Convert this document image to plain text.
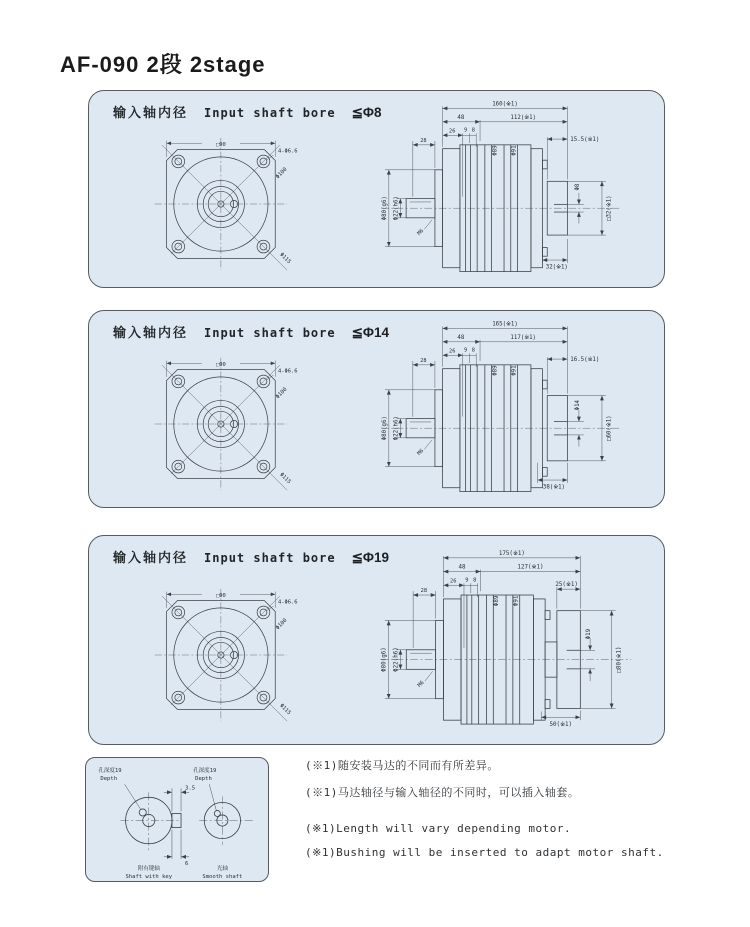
AF-090 2段 2stage
输入轴内径 Input shaft bore ≦Φ8
□90
4-Φ6.6
Φ100
Φ115
160(※1)
48	112(※1)
26 9 8
28	15.5(※1)
Φ89 Φ91
Φ80(g6) Φ22(h6)
M6
Φ8
□32(※1)
32(※1)
输入轴内径 Input shaft bore ≦Φ14
□90
4-Φ6.6
Φ100
Φ115
165(※1)
48	117(※1)
26 9 8
28	16.5(※1)
Φ89 Φ91
Φ80(g6) Φ22(h6)
M6
Φ14
□60(※1)
38(※1)
输入轴内径 Input shaft bore ≦Φ19
□90
4-Φ6.6
Φ100
Φ115
175(※1)
48	127(※1)
26 9 8
28
25(※1)
Φ89 Φ91
Φ80(g6) Φ22(h6)
M6
Φ19
□80(※1)
50(※1)
孔深度19
Depth
孔深度19
Depth
3.5
6
附有键轴
Shaft with key
光轴
Smooth shaft
(※1)随安装马达的不同而有所差异。
(※1)马达轴径与输入轴径的不同时，可以插入轴套。
(※1)Length will vary depending motor.
(※1)Bushing will be inserted to adapt motor shaft.
